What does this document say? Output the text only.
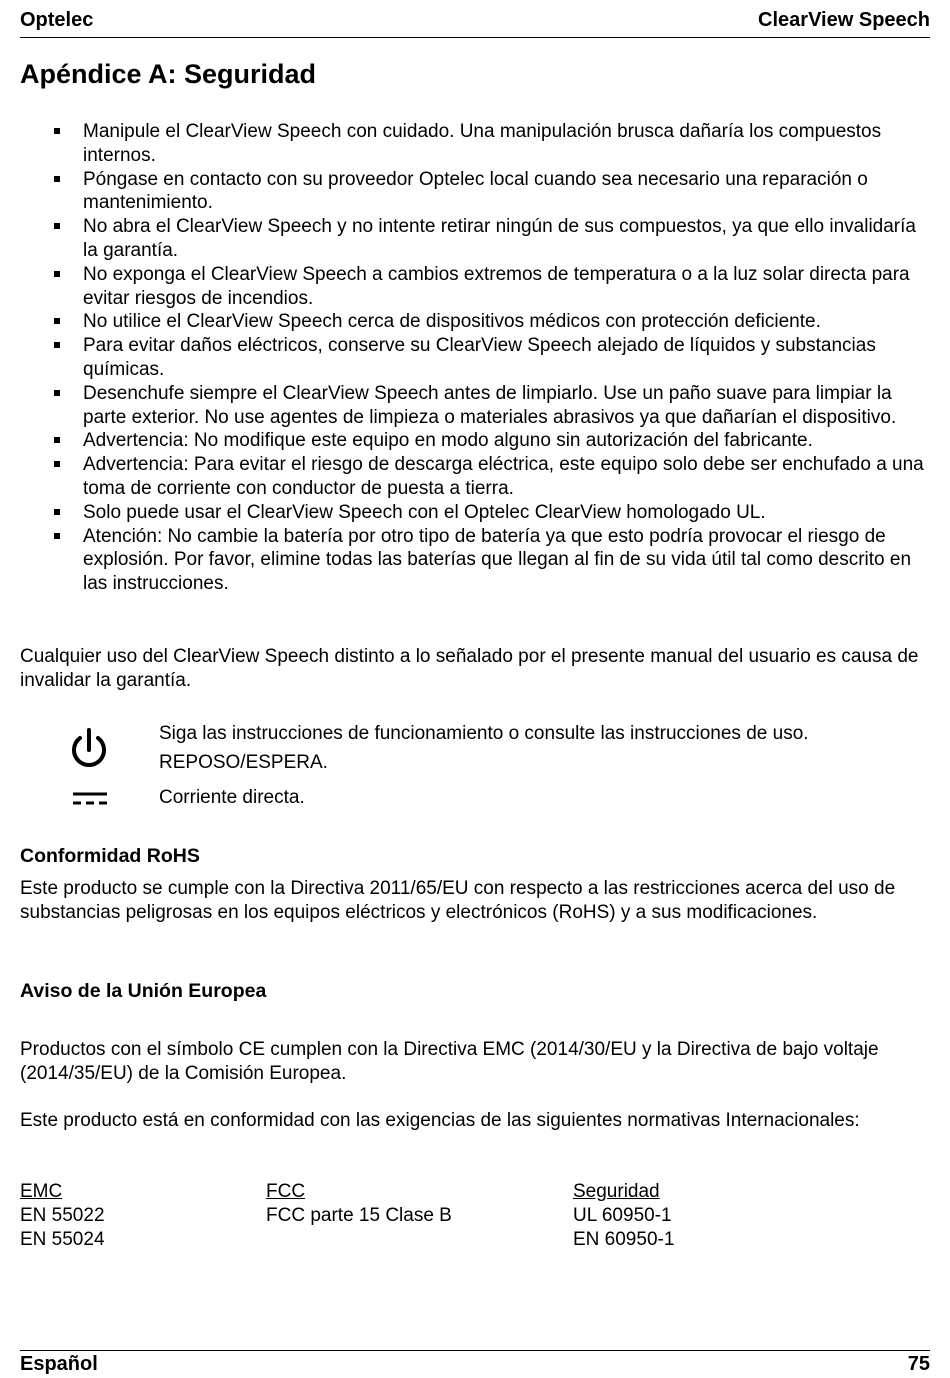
Optelec	ClearView Speech
Apéndice A: Seguridad
Manipule el ClearView Speech con cuidado. Una manipulación brusca dañaría los compuestos internos.
Póngase en contacto con su proveedor Optelec local cuando sea necesario una reparación o mantenimiento.
No abra el ClearView Speech y no intente retirar ningún de sus compuestos, ya que ello invalidaría la garantía.
No exponga el ClearView Speech a cambios extremos de temperatura o a la luz solar directa para evitar riesgos de incendios.
No utilice el ClearView Speech cerca de dispositivos médicos con protección deficiente.
Para evitar daños eléctricos, conserve su ClearView Speech alejado de líquidos y substancias químicas.
Desenchufe siempre el ClearView Speech antes de limpiarlo. Use un paño suave para limpiar la parte exterior. No use agentes de limpieza o materiales abrasivos ya que dañarían el dispositivo.
Advertencia: No modifique este equipo en modo alguno sin autorización del fabricante.
Advertencia: Para evitar el riesgo de descarga eléctrica, este equipo solo debe ser enchufado a una toma de corriente con conductor de puesta a tierra.
Solo puede usar el ClearView Speech con el Optelec ClearView homologado UL.
Atención: No cambie la batería por otro tipo de batería ya que esto podría provocar el riesgo de explosión. Por favor, elimine todas las baterías que llegan al fin de su vida útil tal como descrito en las instrucciones.

Cualquier uso del ClearView Speech distinto a lo señalado por el presente manual del usuario es causa de invalidar la garantía.

Siga las instrucciones de funcionamiento o consulte las instrucciones de uso.
REPOSO/ESPERA.
Corriente directa.
Conformidad RoHS

Este producto se cumple con la Directiva 2011/65/EU con respecto a las restricciones acerca del uso de substancias peligrosas en los equipos eléctricos y electrónicos (RoHS) y a sus modificaciones.

Aviso de la Unión Europea

Productos con el símbolo CE cumplen con la Directiva EMC (2014/30/EU y la Directiva de bajo voltaje (2014/35/EU) de la Comisión Europea.

Este producto está en conformidad con las exigencias de las siguientes normativas Internacionales:

EMC
EN 55022
EN 55024
FCC
FCC parte 15 Clase B
Seguridad
UL 60950-1
EN 60950-1
Español	75
